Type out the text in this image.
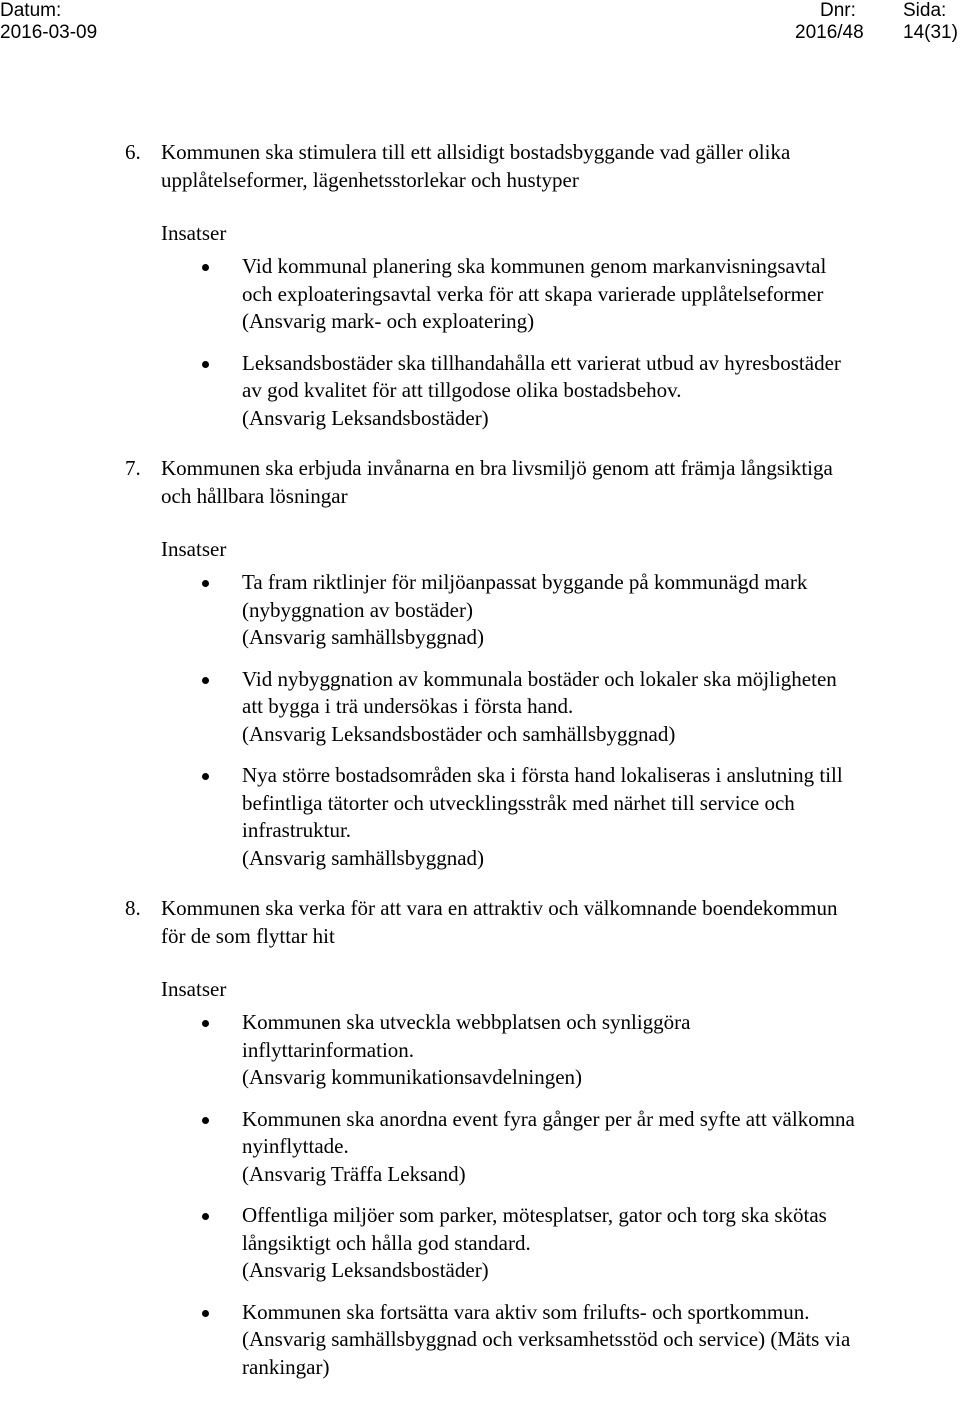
Datum:
2016-03-09
Dnr:
2016/48
Sida:
14(31)
6. Kommunen ska stimulera till ett allsidigt bostadsbyggande vad gäller olika
upplåtelseformer, lägenhetsstorlekar och hustyper
Insatser
Vid kommunal planering ska kommunen genom markanvisningsavtal
och exploateringsavtal verka för att skapa varierade upplåtelseformer
(Ansvarig mark- och exploatering)
Leksandsbostäder ska tillhandahålla ett varierat utbud av hyresbostäder
av god kvalitet för att tillgodose olika bostadsbehov.
(Ansvarig Leksandsbostäder)
7. Kommunen ska erbjuda invånarna en bra livsmiljö genom att främja långsiktiga
och hållbara lösningar
Insatser
Ta fram riktlinjer för miljöanpassat byggande på kommunägd mark
(nybyggnation av bostäder)
(Ansvarig samhällsbyggnad)
Vid nybyggnation av kommunala bostäder och lokaler ska möjligheten
att bygga i trä undersökas i första hand.
(Ansvarig Leksandsbostäder och samhällsbyggnad)
Nya större bostadsområden ska i första hand lokaliseras i anslutning till
befintliga tätorter och utvecklingsstråk med närhet till service och
infrastruktur.
(Ansvarig samhällsbyggnad)
8. Kommunen ska verka för att vara en attraktiv och välkomnande boendekommun
för de som flyttar hit
Insatser
Kommunen ska utveckla webbplatsen och synliggöra
inflyttarinformation.
(Ansvarig kommunikationsavdelningen)
Kommunen ska anordna event fyra gånger per år med syfte att välkomna
nyinflyttade.
(Ansvarig Träffa Leksand)
Offentliga miljöer som parker, mötesplatser, gator och torg ska skötas
långsiktigt och hålla god standard.
(Ansvarig Leksandsbostäder)
Kommunen ska fortsätta vara aktiv som frilufts- och sportkommun.
(Ansvarig samhällsbyggnad och verksamhetsstöd och service) (Mäts via
rankingar)
